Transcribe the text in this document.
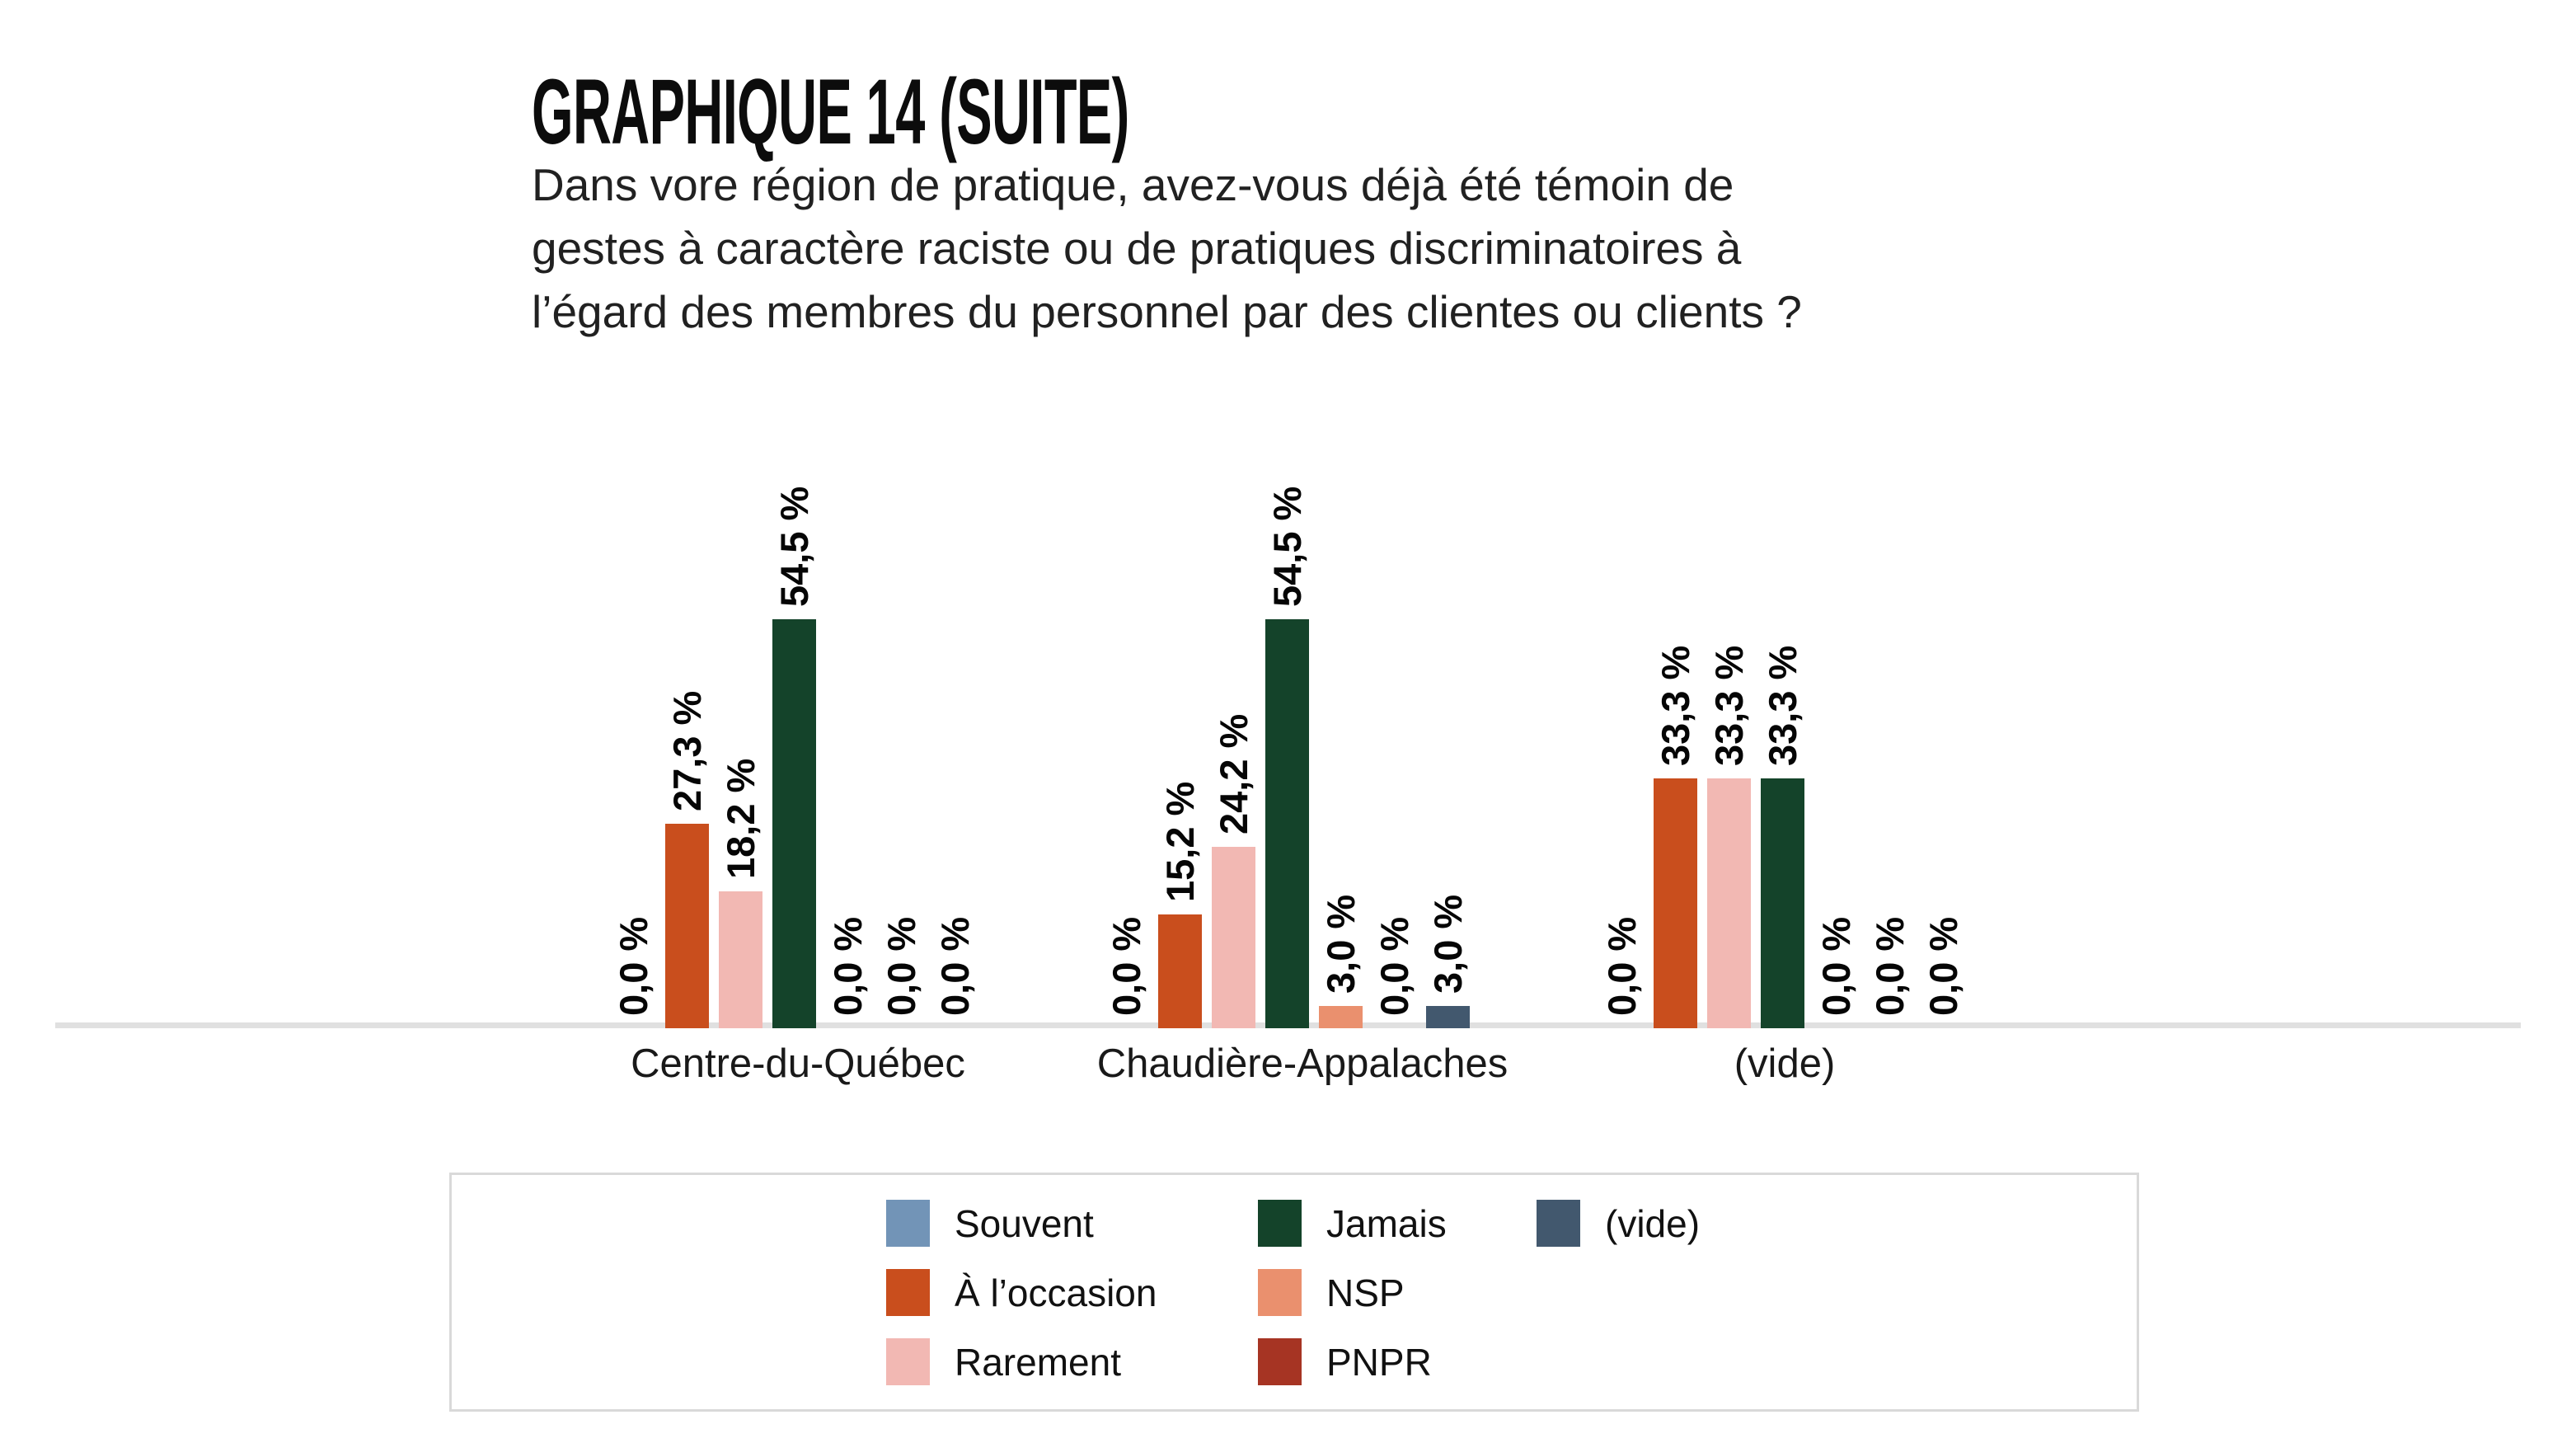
GRAPHIQUE 14 (SUITE)
Dans vore région de pratique, avez-vous déjà été témoin de
gestes à caractère raciste ou de pratiques discriminatoires à
l’égard des membres du personnel par des clientes ou clients ?
0,0 %
27,3 %
18,2 %
54,5 %
0,0 % 0,0 % 0,0 %
Centre-du-Québec
0,0 %
15,2 %
24,2 %
54,5 %
3,0 % 0,0 % 3,0 %
Chaudière-Appalaches
0,0 %
33,3 % 33,3 % 33,3 %
0,0 % 0,0 % 0,0 %
(vide)
Souvent
À l’occasion
Rarement
Jamais
NSP
PNPR
(vide)
